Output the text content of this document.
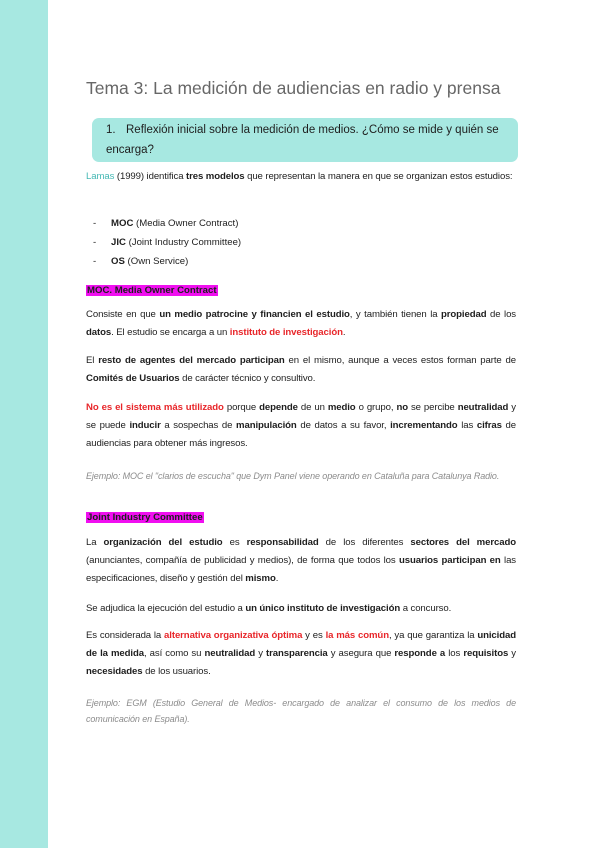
Tema 3: La medición de audiencias en radio y prensa
1. Reflexión inicial sobre la medición de medios. ¿Cómo se mide y quién se encarga?
Lamas (1999) identifica tres modelos que representan la manera en que se organizan estos estudios:
- MOC (Media Owner Contract)
- JIC (Joint Industry Committee)
- OS (Own Service)
MOC. Media Owner Contract
Consiste en que un medio patrocine y financien el estudio, y también tienen la propiedad de los datos. El estudio se encarga a un instituto de investigación.
El resto de agentes del mercado participan en el mismo, aunque a veces estos forman parte de Comités de Usuarios de carácter técnico y consultivo.
No es el sistema más utilizado porque depende de un medio o grupo, no se percibe neutralidad y se puede inducir a sospechas de manipulación de datos a su favor, incrementando las cifras de audiencias para obtener más ingresos.
Ejemplo: MOC el "clarios de escucha" que Dym Panel viene operando en Cataluña para Catalunya Radio.
Joint Industry Committee
La organización del estudio es responsabilidad de los diferentes sectores del mercado (anunciantes, compañía de publicidad y medios), de forma que todos los usuarios participan en las especificaciones, diseño y gestión del mismo.
Se adjudica la ejecución del estudio a un único instituto de investigación a concurso.
Es considerada la alternativa organizativa óptima y es la más común, ya que garantiza la unicidad de la medida, así como su neutralidad y transparencia y asegura que responde a los requisitos y necesidades de los usuarios.
Ejemplo: EGM (Estudio General de Medios- encargado de analizar el consumo de los medios de comunicación en España).
